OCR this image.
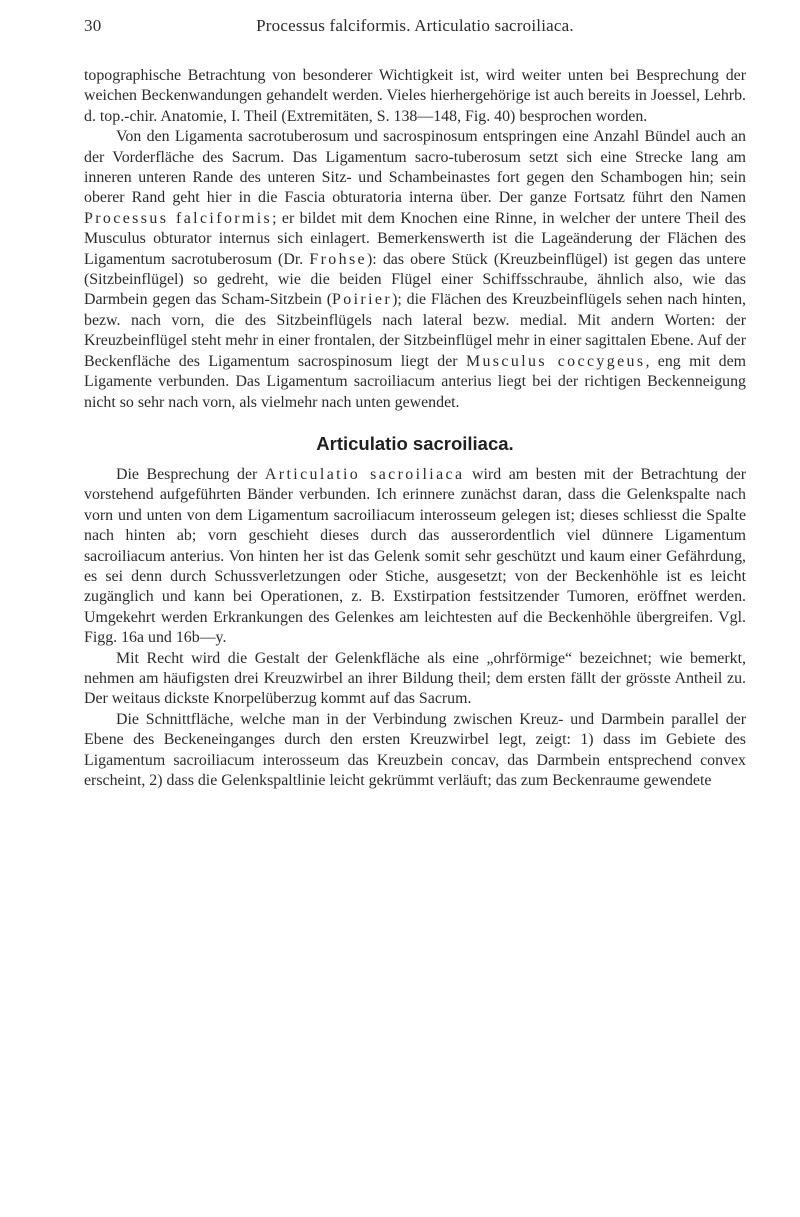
30	Processus falciformis. Articulatio sacroiliaca.

topographische Betrachtung von besonderer Wichtigkeit ist, wird weiter unten bei Besprechung der weichen Beckenwandungen gehandelt werden. Vieles hierhergehörige ist auch bereits in Joessel, Lehrb. d. top.-chir. Anatomie, I. Theil (Extremitäten, S. 138—148, Fig. 40) besprochen worden.

Von den Ligamenta sacrotuberosum und sacrospinosum entspringen eine Anzahl Bündel auch an der Vorderfläche des Sacrum. Das Ligamentum sacro-tuberosum setzt sich eine Strecke lang am inneren unteren Rande des unteren Sitz- und Schambeinastes fort gegen den Schambogen hin; sein oberer Rand geht hier in die Fascia obturatoria interna über. Der ganze Fortsatz führt den Namen Processus falciformis; er bildet mit dem Knochen eine Rinne, in welcher der untere Theil des Musculus obturator internus sich einlagert. Bemerkenswerth ist die Lageänderung der Flächen des Ligamentum sacrotuberosum (Dr. Frohse): das obere Stück (Kreuzbeinflügel) ist gegen das untere (Sitzbeinflügel) so gedreht, wie die beiden Flügel einer Schiffsschraube, ähnlich also, wie das Darmbein gegen das Scham-Sitzbein (Poirier); die Flächen des Kreuzbeinflügels sehen nach hinten, bezw. nach vorn, die des Sitzbeinflügels nach lateral bezw. medial. Mit andern Worten: der Kreuzbeinflügel steht mehr in einer frontalen, der Sitzbeinflügel mehr in einer sagittalen Ebene. Auf der Beckenfläche des Ligamentum sacrospinosum liegt der Musculus coccygeus, eng mit dem Ligamente verbunden. Das Ligamentum sacroiliacum anterius liegt bei der richtigen Beckenneigung nicht so sehr nach vorn, als vielmehr nach unten gewendet.

Articulatio sacroiliaca.

Die Besprechung der Articulatio sacroiliaca wird am besten mit der Betrachtung der vorstehend aufgeführten Bänder verbunden. Ich erinnere zunächst daran, dass die Gelenkspalte nach vorn und unten von dem Ligamentum sacroiliacum interosseum gelegen ist; dieses schliesst die Spalte nach hinten ab; vorn geschieht dieses durch das ausserordentlich viel dünnere Ligamentum sacroiliacum anterius. Von hinten her ist das Gelenk somit sehr geschützt und kaum einer Gefährdung, es sei denn durch Schussverletzungen oder Stiche, ausgesetzt; von der Beckenhöhle ist es leicht zugänglich und kann bei Operationen, z. B. Exstirpation festsitzender Tumoren, eröffnet werden. Umgekehrt werden Erkrankungen des Gelenkes am leichtesten auf die Beckenhöhle übergreifen. Vgl. Figg. 16a und 16b—y.

Mit Recht wird die Gestalt der Gelenkfläche als eine „ohrförmige“ bezeichnet; wie bemerkt, nehmen am häufigsten drei Kreuzwirbel an ihrer Bildung theil; dem ersten fällt der grösste Antheil zu. Der weitaus dickste Knorpelüberzug kommt auf das Sacrum.

Die Schnittfläche, welche man in der Verbindung zwischen Kreuz- und Darmbein parallel der Ebene des Beckeneinganges durch den ersten Kreuzwirbel legt, zeigt: 1) dass im Gebiete des Ligamentum sacroiliacum interosseum das Kreuzbein concav, das Darmbein entsprechend convex erscheint, 2) dass die Gelenkspaltlinie leicht gekrümmt verläuft; das zum Beckenraume gewendete
